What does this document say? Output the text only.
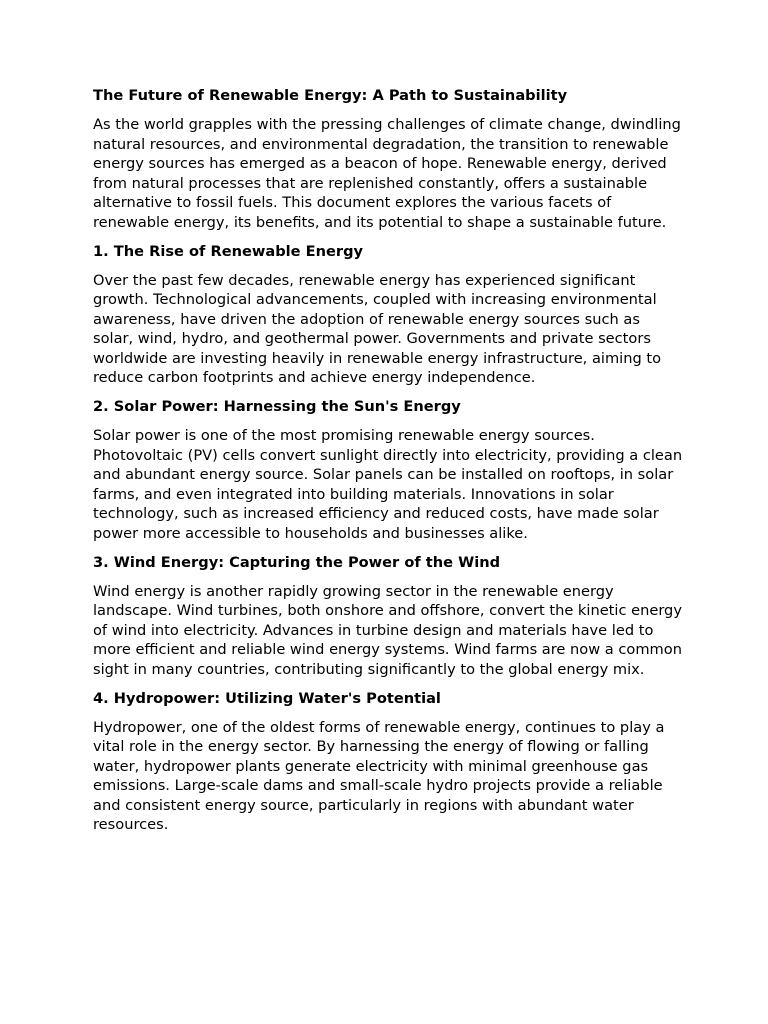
The Future of Renewable Energy: A Path to Sustainability

As the world grapples with the pressing challenges of climate change, dwindling natural resources, and environmental degradation, the transition to renewable energy sources has emerged as a beacon of hope. Renewable energy, derived from natural processes that are replenished constantly, offers a sustainable alternative to fossil fuels. This document explores the various facets of renewable energy, its benefits, and its potential to shape a sustainable future.

1. The Rise of Renewable Energy

Over the past few decades, renewable energy has experienced significant growth. Technological advancements, coupled with increasing environmental awareness, have driven the adoption of renewable energy sources such as solar, wind, hydro, and geothermal power. Governments and private sectors worldwide are investing heavily in renewable energy infrastructure, aiming to reduce carbon footprints and achieve energy independence.

2. Solar Power: Harnessing the Sun's Energy

Solar power is one of the most promising renewable energy sources. Photovoltaic (PV) cells convert sunlight directly into electricity, providing a clean and abundant energy source. Solar panels can be installed on rooftops, in solar farms, and even integrated into building materials. Innovations in solar technology, such as increased efficiency and reduced costs, have made solar power more accessible to households and businesses alike.

3. Wind Energy: Capturing the Power of the Wind

Wind energy is another rapidly growing sector in the renewable energy landscape. Wind turbines, both onshore and offshore, convert the kinetic energy of wind into electricity. Advances in turbine design and materials have led to more efficient and reliable wind energy systems. Wind farms are now a common sight in many countries, contributing significantly to the global energy mix.

4. Hydropower: Utilizing Water's Potential

Hydropower, one of the oldest forms of renewable energy, continues to play a vital role in the energy sector. By harnessing the energy of flowing or falling water, hydropower plants generate electricity with minimal greenhouse gas emissions. Large-scale dams and small-scale hydro projects provide a reliable and consistent energy source, particularly in regions with abundant water resources.
